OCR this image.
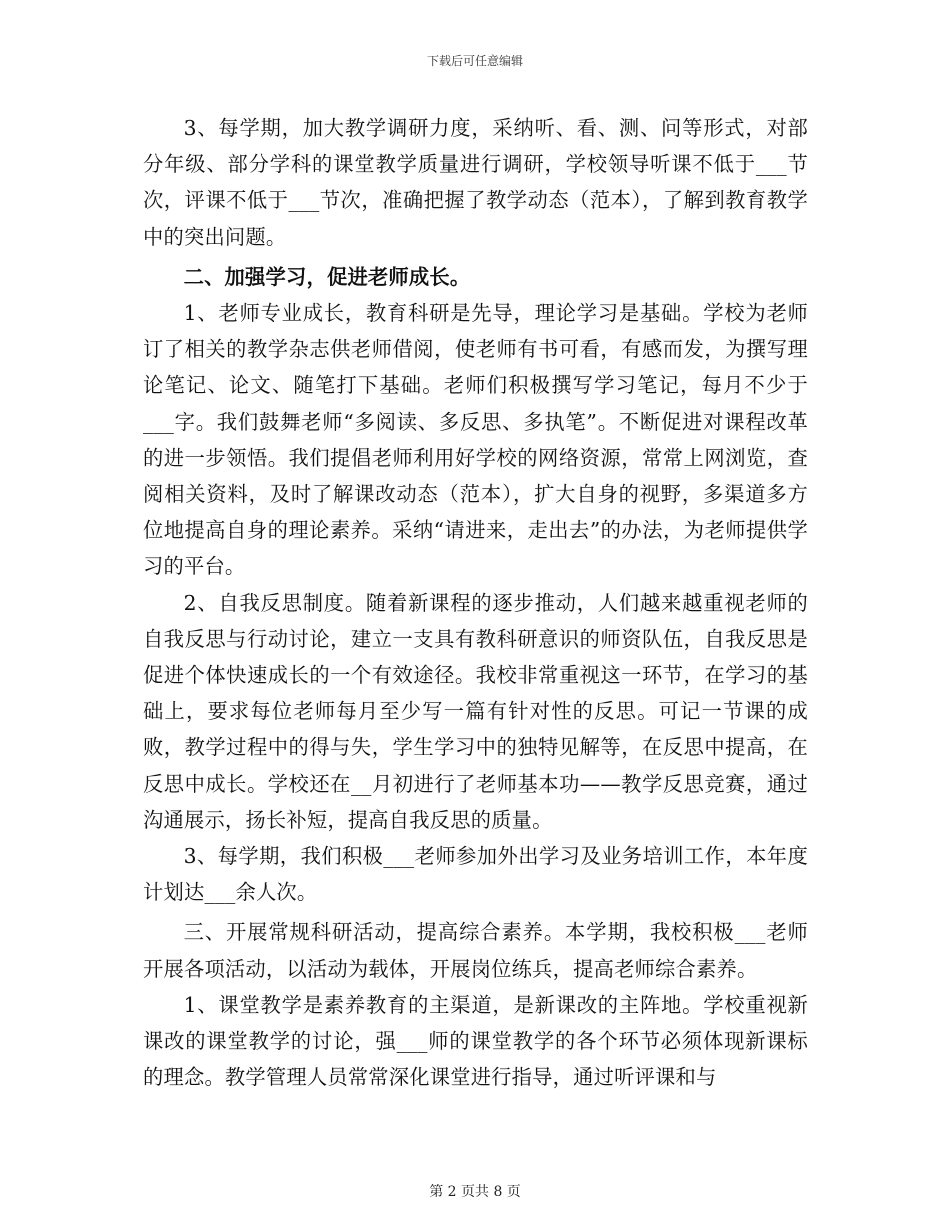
下载后可任意编辑

3、每学期，加大教学调研力度，采纳听、看、测、问等形式，对部分年级、部分学科的课堂教学质量进行调研，学校领导听课不低于___节次，评课不低于___节次，准确把握了教学动态（范本），了解到教育教学中的突出问题。

二、加强学习，促进老师成长。

1、老师专业成长，教育科研是先导，理论学习是基础。学校为老师订了相关的教学杂志供老师借阅，使老师有书可看，有感而发，为撰写理论笔记、论文、随笔打下基础。老师们积极撰写学习笔记，每月不少于___字。我们鼓舞老师“多阅读、多反思、多执笔”。不断促进对课程改革的进一步领悟。我们提倡老师利用好学校的网络资源，常常上网浏览，查阅相关资料，及时了解课改动态（范本），扩大自身的视野，多渠道多方位地提高自身的理论素养。采纳“请进来，走出去”的办法，为老师提供学习的平台。

2、自我反思制度。随着新课程的逐步推动，人们越来越重视老师的自我反思与行动讨论，建立一支具有教科研意识的师资队伍，自我反思是促进个体快速成长的一个有效途径。我校非常重视这一环节，在学习的基础上，要求每位老师每月至少写一篇有针对性的反思。可记一节课的成败，教学过程中的得与失，学生学习中的独特见解等，在反思中提高，在反思中成长。学校还在__月初进行了老师基本功——教学反思竞赛，通过沟通展示，扬长补短，提高自我反思的质量。

3、每学期，我们积极___老师参加外出学习及业务培训工作，本年度计划达___余人次。

三、开展常规科研活动，提高综合素养。本学期，我校积极___老师开展各项活动，以活动为载体，开展岗位练兵，提高老师综合素养。

1、课堂教学是素养教育的主渠道，是新课改的主阵地。学校重视新课改的课堂教学的讨论，强___师的课堂教学的各个环节必须体现新课标的理念。教学管理人员常常深化课堂进行指导，通过听评课和与

第 2 页共 8 页
